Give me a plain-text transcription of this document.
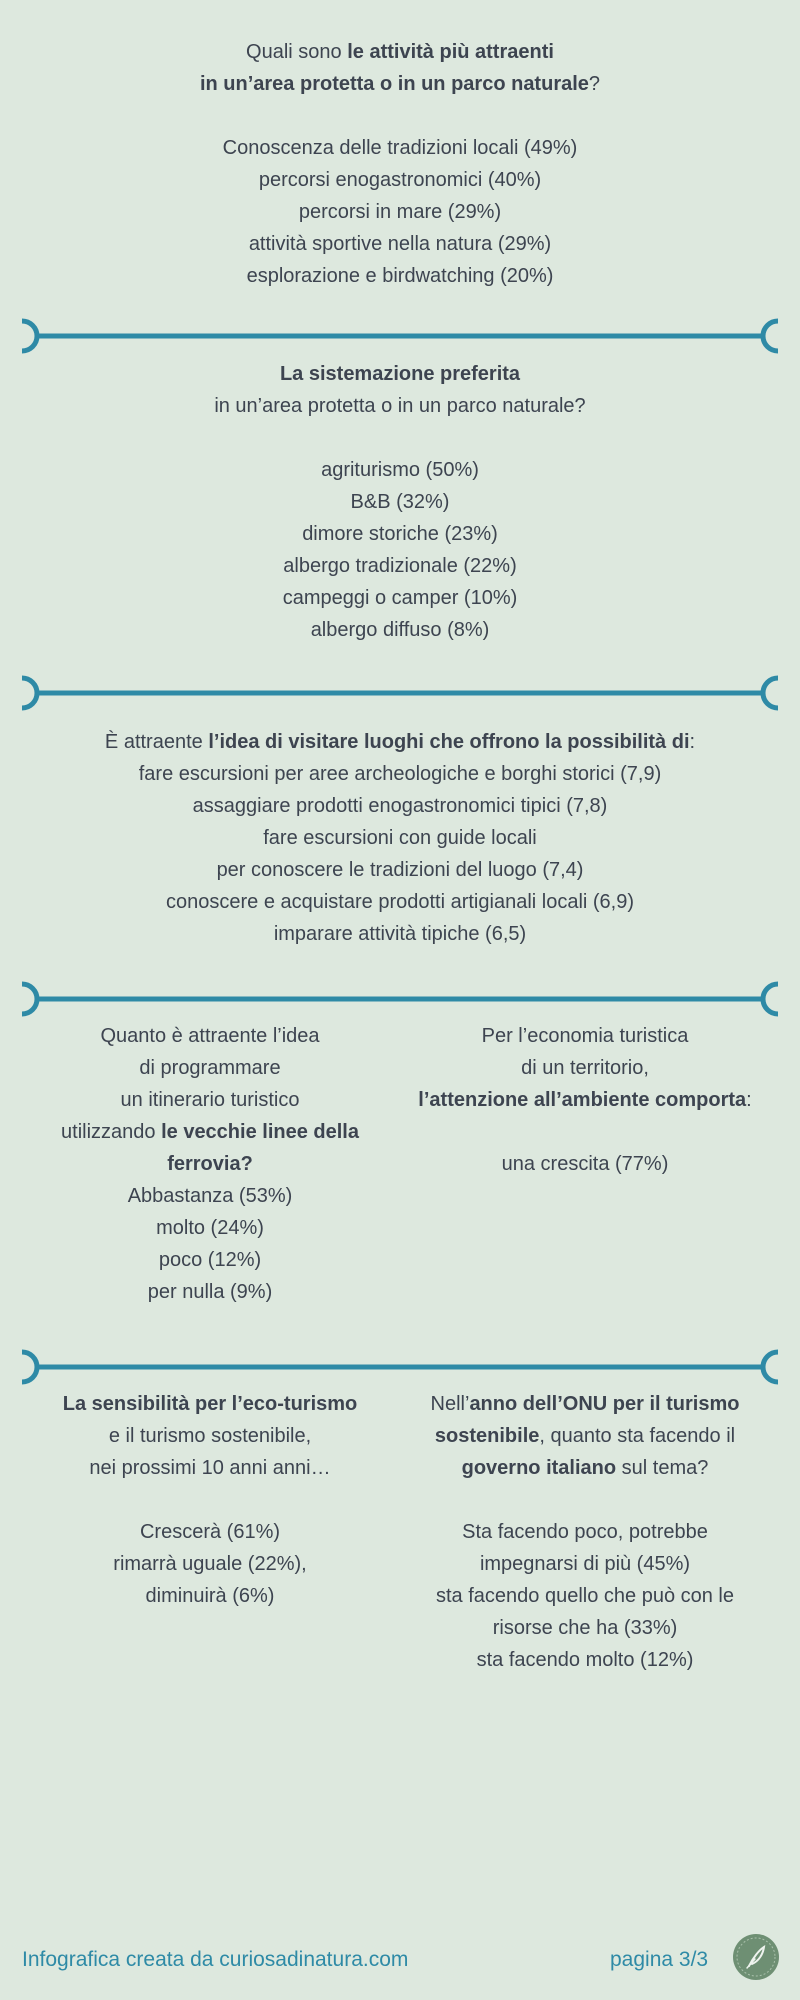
Quali sono le attività più attraenti

in un’area protetta o in un parco naturale?

Conoscenza delle tradizioni locali (49%)

percorsi enogastronomici (40%)

percorsi in mare (29%)

attività sportive nella natura (29%)

esplorazione e birdwatching (20%)

La sistemazione preferita

in un’area protetta o in un parco naturale?

agriturismo (50%)

B&B (32%)

dimore storiche (23%)

albergo tradizionale (22%)

campeggi o camper (10%)

albergo diffuso (8%)

È attraente l’idea di visitare luoghi che offrono la possibilità di:

fare escursioni per aree archeologiche e borghi storici (7,9)

assaggiare prodotti enogastronomici tipici (7,8)

fare escursioni con guide locali

per conoscere le tradizioni del luogo (7,4)

conoscere e acquistare prodotti artigianali locali (6,9)

imparare attività tipiche (6,5)

Quanto è attraente l’idea

di programmare

un itinerario turistico

utilizzando le vecchie linee della

ferrovia?

Abbastanza (53%)

molto (24%)

poco (12%)

per nulla (9%)

Per l’economia turistica

di un territorio,

l’attenzione all’ambiente comporta:

una crescita (77%)

La sensibilità per l’eco-turismo

e il turismo sostenibile,

nei prossimi 10 anni anni…

Crescerà (61%)

rimarrà uguale (22%),

diminuirà (6%)

Nell’anno dell’ONU per il turismo

sostenibile, quanto sta facendo il

governo italiano sul tema?

Sta facendo poco, potrebbe

impegnarsi di più (45%)

sta facendo quello che può con le

risorse che ha (33%)

sta facendo molto (12%)

Infografica creata da curiosadinatura.com	pagina 3/3
